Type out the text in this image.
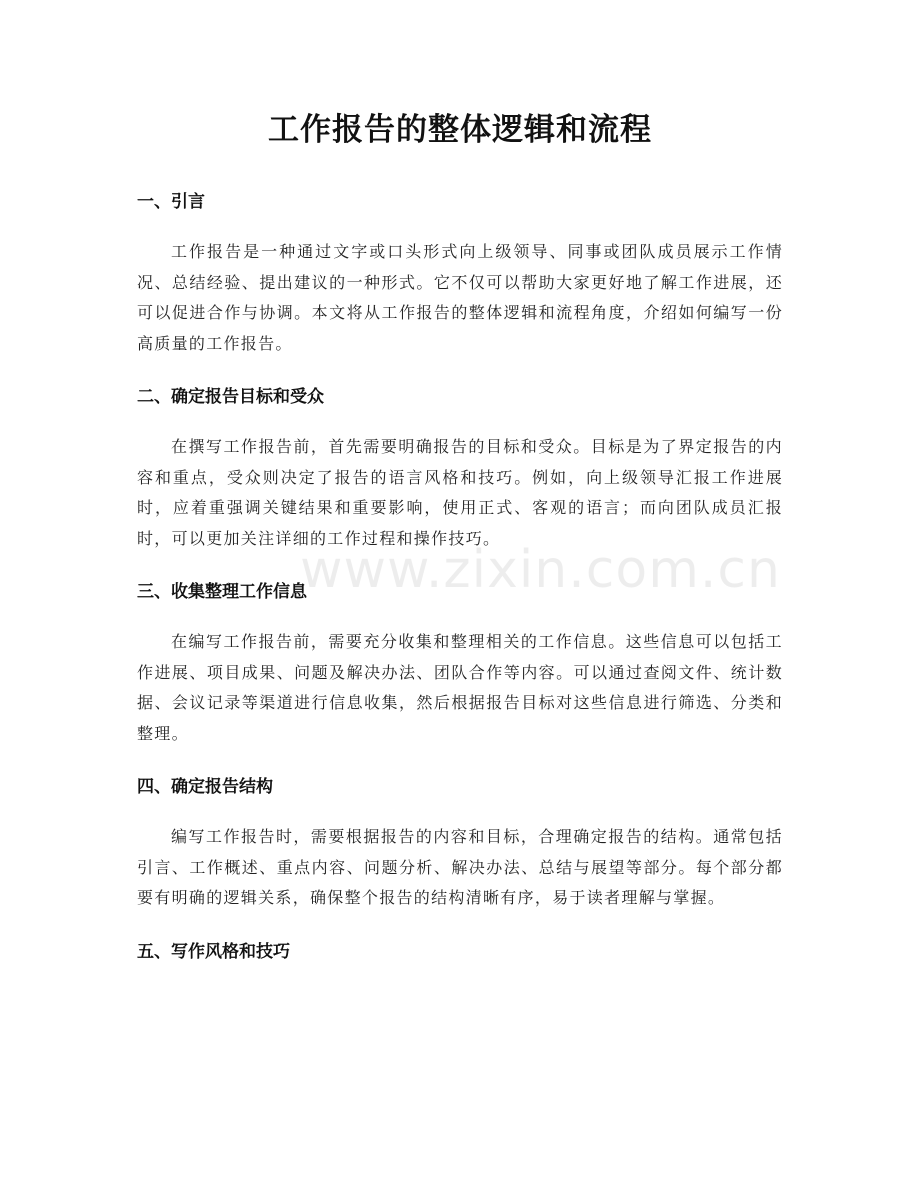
工作报告的整体逻辑和流程
一、引言

工作报告是一种通过文字或口头形式向上级领导、同事或团队成员展示工作情况、总结经验、提出建议的一种形式。它不仅可以帮助大家更好地了解工作进展，还可以促进合作与协调。本文将从工作报告的整体逻辑和流程角度，介绍如何编写一份高质量的工作报告。

二、确定报告目标和受众

在撰写工作报告前，首先需要明确报告的目标和受众。目标是为了界定报告的内容和重点，受众则决定了报告的语言风格和技巧。例如，向上级领导汇报工作进展时，应着重强调关键结果和重要影响，使用正式、客观的语言；而向团队成员汇报时，可以更加关注详细的工作过程和操作技巧。

三、收集整理工作信息

在编写工作报告前，需要充分收集和整理相关的工作信息。这些信息可以包括工作进展、项目成果、问题及解决办法、团队合作等内容。可以通过查阅文件、统计数据、会议记录等渠道进行信息收集，然后根据报告目标对这些信息进行筛选、分类和整理。

四、确定报告结构

编写工作报告时，需要根据报告的内容和目标，合理确定报告的结构。通常包括引言、工作概述、重点内容、问题分析、解决办法、总结与展望等部分。每个部分都要有明确的逻辑关系，确保整个报告的结构清晰有序，易于读者理解与掌握。

五、写作风格和技巧
www.zixin.com.cn
